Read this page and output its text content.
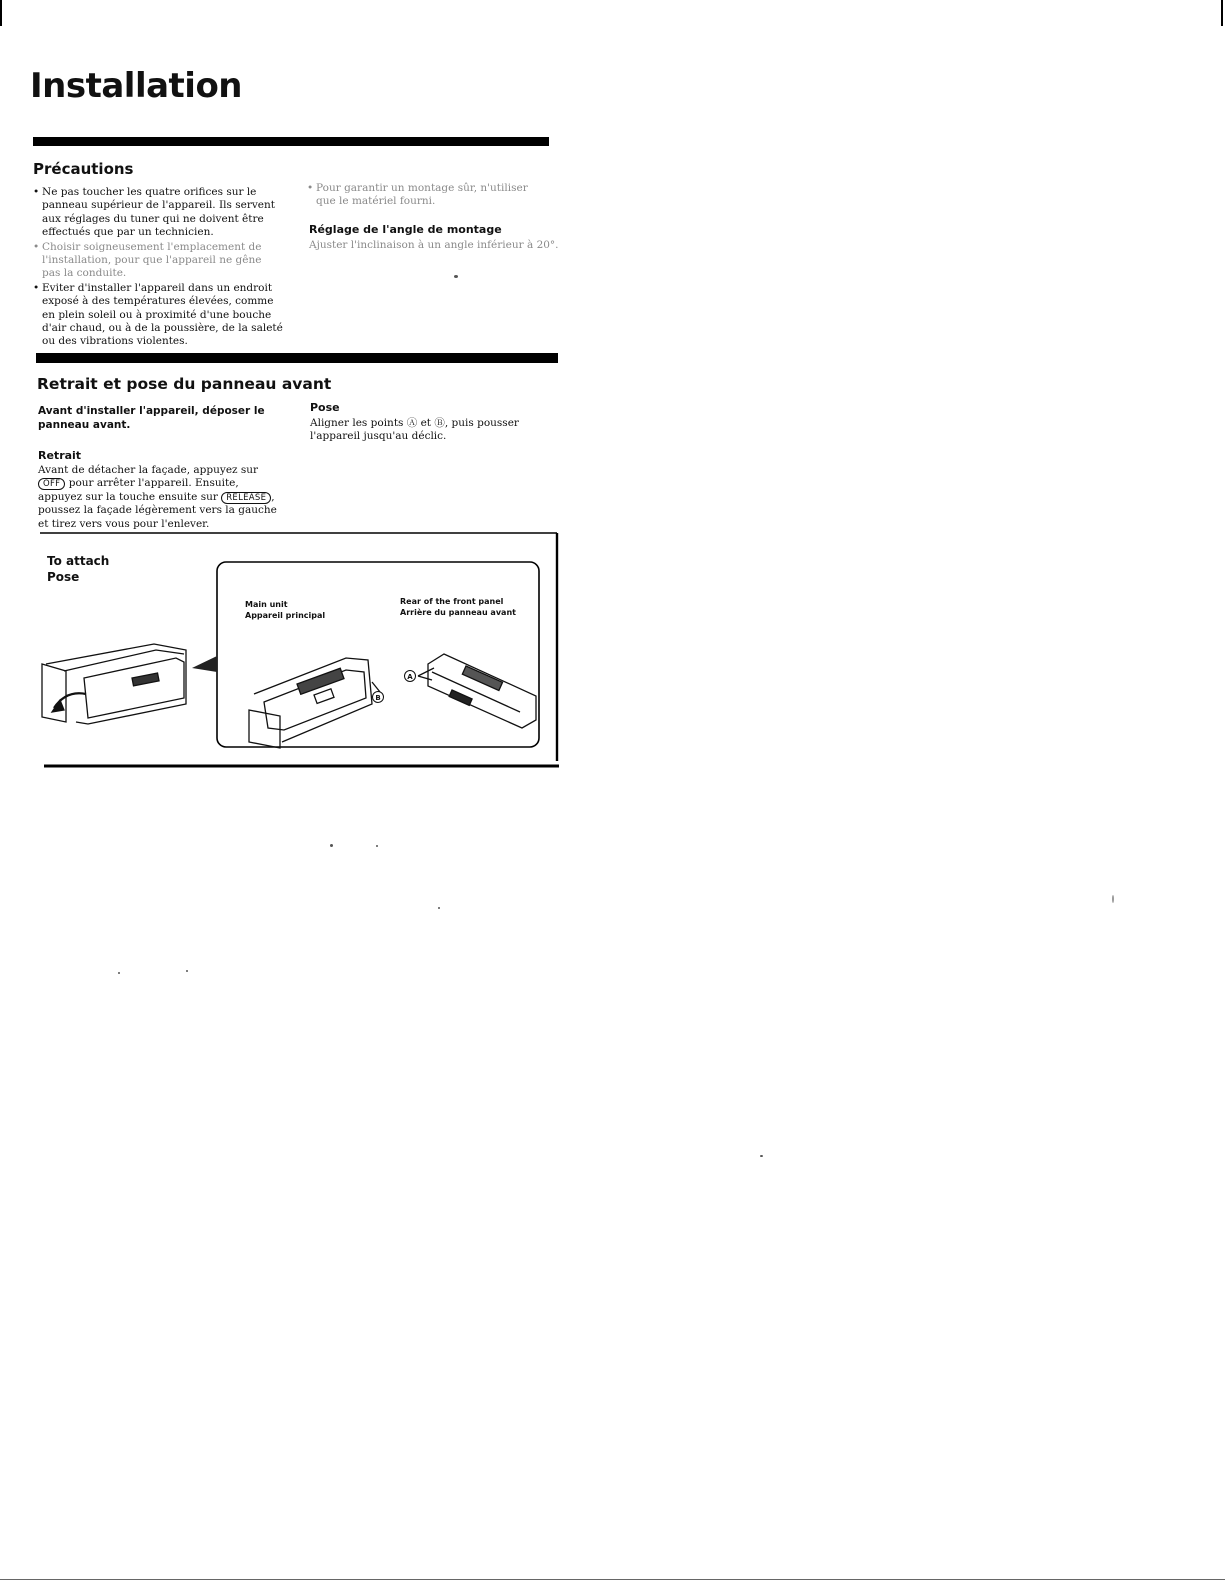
Installation
Précautions
• Ne pas toucher les quatre orifices sur le panneau supérieur de l'appareil. Ils servent aux réglages du tuner qui ne doivent être effectués que par un technicien.
• Choisir soigneusement l'emplacement de l'installation, pour que l'appareil ne gêne pas la conduite.
• Eviter d'installer l'appareil dans un endroit exposé à des températures élevées, comme en plein soleil ou à proximité d'une bouche d'air chaud, ou à de la poussière, de la saleté ou des vibrations violentes.
• Pour garantir un montage sûr, n'utiliser que le matériel fourni.
Réglage de l'angle de montage

Ajuster l'inclinaison à un angle inférieur à 20°.

Retrait et pose du panneau avant

Avant d'installer l'appareil, déposer le panneau avant.

Retrait

Avant de détacher la façade, appuyez sur OFF pour arrêter l'appareil. Ensuite, appuyez sur la touche ensuite sur RELEASE , poussez la façade légèrement vers la gauche et tirez vers vous pour l'enlever.

Pose

Aligner les points Ⓐ et Ⓑ, puis pousser l'appareil jusqu'au déclic.

B
A

To attach

Pose

Main unit

Appareil principal

Rear of the front panel

Arrière du panneau avant
